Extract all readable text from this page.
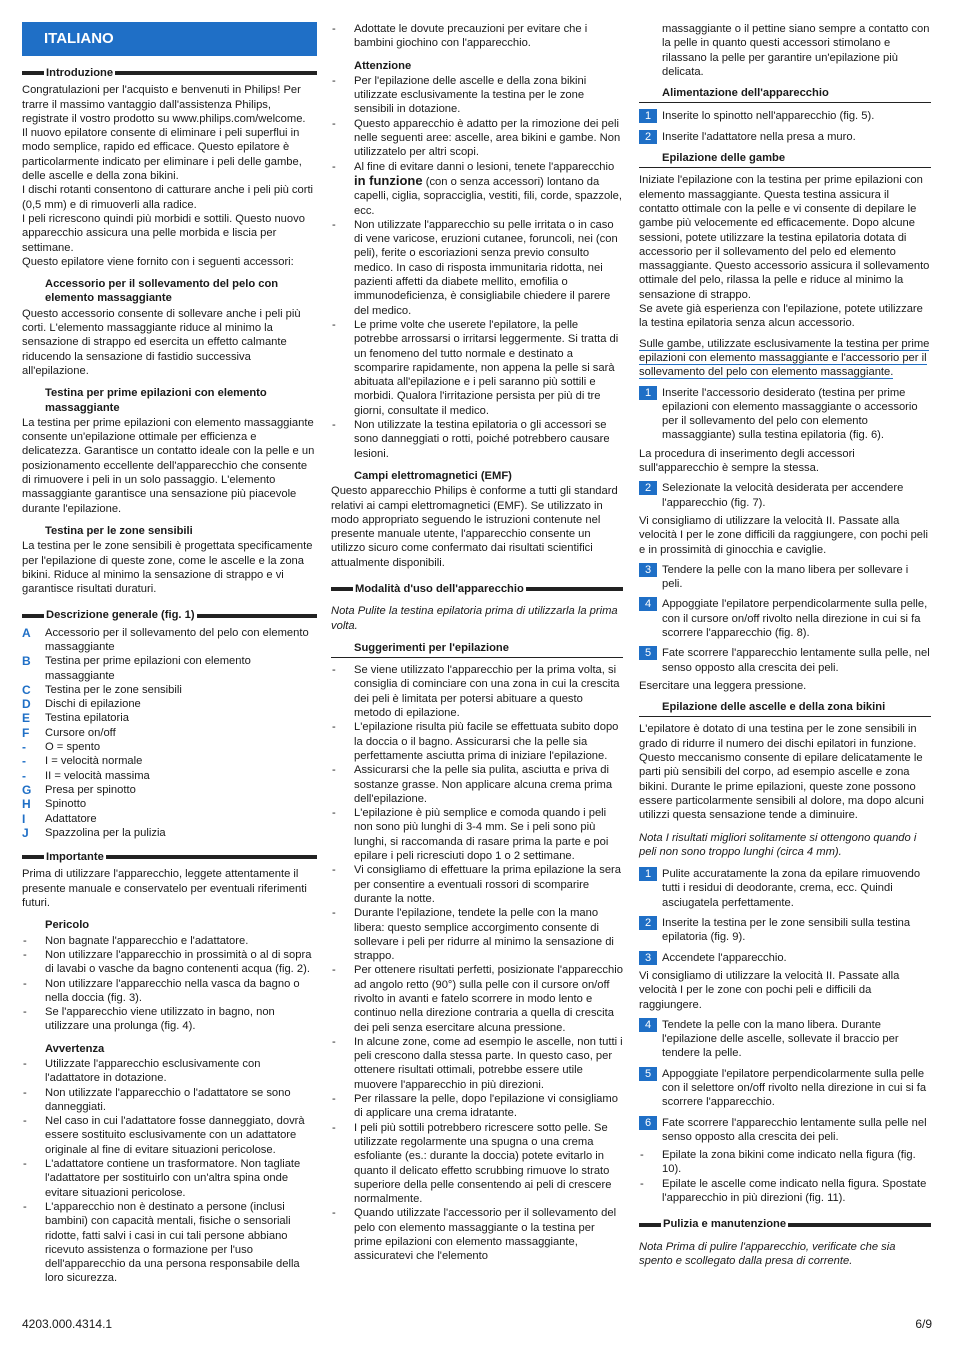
ITALIANO
Introduzione

Congratulazioni per l'acquisto e benvenuti in Philips! Per trarre il massimo vantaggio dall'assistenza Philips, registrate il vostro prodotto su www.philips.com/welcome.

Il nuovo epilatore consente di eliminare i peli superflui in modo semplice, rapido ed efficace. Questo epilatore è particolarmente indicato per eliminare i peli delle gambe, delle ascelle e della zona bikini.

I dischi rotanti consentono di catturare anche i peli più corti (0,5 mm) e di rimuoverli alla radice.

I peli ricrescono quindi più morbidi e sottili. Questo nuovo apparecchio assicura una pelle morbida e liscia per settimane.

Questo epilatore viene fornito con i seguenti accessori:

Accessorio per il sollevamento del pelo con elemento massaggiante

Questo accessorio consente di sollevare anche i peli più corti. L'elemento massaggiante riduce al minimo la sensazione di strappo ed esercita un effetto calmante riducendo la sensazione di fastidio successiva all'epilazione.

Testina per prime epilazioni con elemento massaggiante

La testina per prime epilazioni con elemento massaggiante consente un'epilazione ottimale per efficienza e delicatezza. Garantisce un contatto ideale con la pelle e un posizionamento eccellente dell'apparecchio che consente di rimuovere i peli in un solo passaggio. L'elemento massaggiante garantisce una sensazione più piacevole durante l'epilazione.

Testina per le zone sensibili

La testina per le zone sensibili è progettata specificamente per l'epilazione di queste zone, come le ascelle e la zona bikini. Riduce al minimo la sensazione di strappo e vi garantisce risultati duraturi.

Descrizione generale (fig. 1)
A Accessorio per il sollevamento del pelo con elemento massaggiante
B Testina per prime epilazioni con elemento massaggiante
C Testina per le zone sensibili
D Dischi di epilazione
E Testina epilatoria
F Cursore on/off
- O = spento
- I = velocità normale
- II = velocità massima
G Presa per spinotto
H Spinotto
I Adattatore
J Spazzolina per la pulizia
Importante

Prima di utilizzare l'apparecchio, leggete attentamente il presente manuale e conservatelo per eventuali riferimenti futuri.

Pericolo
- Non bagnate l'apparecchio e l'adattatore.
- Non utilizzare l'apparecchio in prossimità o al di sopra di lavabi o vasche da bagno contenenti acqua (fig. 2).
- Non utilizzare l'apparecchio nella vasca da bagno o nella doccia (fig. 3).
- Se l'apparecchio viene utilizzato in bagno, non utilizzare una prolunga (fig. 4).
Avvertenza
- Utilizzate l'apparecchio esclusivamente con l'adattatore in dotazione.
- Non utilizzate l'apparecchio o l'adattatore se sono danneggiati.
- Nel caso in cui l'adattatore fosse danneggiato, dovrà essere sostituito esclusivamente con un adattatore originale al fine di evitare situazioni pericolose.
- L'adattatore contiene un trasformatore. Non tagliate l'adattatore per sostituirlo con un'altra spina onde evitare situazioni pericolose.
- L'apparecchio non è destinato a persone (inclusi bambini) con capacità mentali, fisiche o sensoriali ridotte, fatti salvi i casi in cui tali persone abbiano ricevuto assistenza o formazione per l'uso dell'apparecchio da una persona responsabile della loro sicurezza.
- Adottate le dovute precauzioni per evitare che i bambini giochino con l'apparecchio.
Attenzione
- Per l'epilazione delle ascelle e della zona bikini utilizzate esclusivamente la testina per le zone sensibili in dotazione.
- Questo apparecchio è adatto per la rimozione dei peli nelle seguenti aree: ascelle, area bikini e gambe. Non utilizzatelo per altri scopi.
- Al fine di evitare danni o lesioni, tenete l'apparecchio in funzione (con o senza accessori) lontano da capelli, ciglia, sopracciglia, vestiti, fili, corde, spazzole, ecc.
- Non utilizzate l'apparecchio su pelle irritata o in caso di vene varicose, eruzioni cutanee, foruncoli, nei (con peli), ferite o escoriazioni senza previo consulto medico. In caso di risposta immunitaria ridotta, nei pazienti affetti da diabete mellito, emofilia o immunodeficienza, è consigliabile chiedere il parere del medico.
- Le prime volte che userete l'epilatore, la pelle potrebbe arrossarsi o irritarsi leggermente. Si tratta di un fenomeno del tutto normale e destinato a scomparire rapidamente, non appena la pelle si sarà abituata all'epilazione e i peli saranno più sottili e morbidi. Qualora l'irritazione persista per più di tre giorni, consultate il medico.
- Non utilizzate la testina epilatoria o gli accessori se sono danneggiati o rotti, poiché potrebbero causare lesioni.
Campi elettromagnetici (EMF)

Questo apparecchio Philips è conforme a tutti gli standard relativi ai campi elettromagnetici (EMF). Se utilizzato in modo appropriato seguendo le istruzioni contenute nel presente manuale utente, l'apparecchio consente un utilizzo sicuro come confermato dai risultati scientifici attualmente disponibili.

Modalità d'uso dell'apparecchio

Nota Pulite la testina epilatoria prima di utilizzarla la prima volta.

Suggerimenti per l'epilazione
- Se viene utilizzato l'apparecchio per la prima volta, si consiglia di cominciare con una zona in cui la crescita dei peli è limitata per potersi abituare a questo metodo di epilazione.
- L'epilazione risulta più facile se effettuata subito dopo la doccia o il bagno. Assicurarsi che la pelle sia perfettamente asciutta prima di iniziare l'epilazione.
- Assicurarsi che la pelle sia pulita, asciutta e priva di sostanze grasse. Non applicare alcuna crema prima dell'epilazione.
- L'epilazione è più semplice e comoda quando i peli non sono più lunghi di 3-4 mm. Se i peli sono più lunghi, si raccomanda di rasare prima la parte e poi epilare i peli ricresciuti dopo 1 o 2 settimane.
- Vi consigliamo di effettuare la prima epilazione la sera per consentire a eventuali rossori di scomparire durante la notte.
- Durante l'epilazione, tendete la pelle con la mano libera: questo semplice accorgimento consente di sollevare i peli per ridurre al minimo la sensazione di strappo.
- Per ottenere risultati perfetti, posizionate l'apparecchio ad angolo retto (90°) sulla pelle con il cursore on/off rivolto in avanti e fatelo scorrere in modo lento e continuo nella direzione contraria a quella di crescita dei peli senza esercitare alcuna pressione.
- In alcune zone, come ad esempio le ascelle, non tutti i peli crescono dalla stessa parte. In questo caso, per ottenere risultati ottimali, potrebbe essere utile muovere l'apparecchio in più direzioni.
- Per rilassare la pelle, dopo l'epilazione vi consigliamo di applicare una crema idratante.
- I peli più sottili potrebbero ricrescere sotto pelle. Se utilizzate regolarmente una spugna o una crema esfoliante (es.: durante la doccia) potete evitarlo in quanto il delicato effetto scrubbing rimuove lo strato superiore della pelle consentendo ai peli di crescere normalmente.
- Quando utilizzate l'accessorio per il sollevamento del pelo con elemento massaggiante o la testina per prime epilazioni con elemento massaggiante, assicuratevi che l'elemento

massaggiante o il pettine siano sempre a contatto con la pelle in quanto questi accessori stimolano e rilassano la pelle per garantire un'epilazione più delicata.

Alimentazione dell'apparecchio
1 Inserite lo spinotto nell'apparecchio (fig. 5).
2 Inserite l'adattatore nella presa a muro.
Epilazione delle gambe

Iniziate l'epilazione con la testina per prime epilazioni con elemento massaggiante. Questa testina assicura il contatto ottimale con la pelle e vi consente di depilare le gambe più velocemente ed efficacemente. Dopo alcune sessioni, potete utilizzare la testina epilatoria dotata di accessorio per il sollevamento del pelo ed elemento massaggiante. Questo accessorio assicura il sollevamento ottimale del pelo, rilassa la pelle e riduce al minimo la sensazione di strappo.

Se avete già esperienza con l'epilazione, potete utilizzare la testina epilatoria senza alcun accessorio.

Sulle gambe, utilizzate esclusivamente la testina per prime epilazioni con elemento massaggiante e l'accessorio per il sollevamento del pelo con elemento massaggiante.

1 Inserite l'accessorio desiderato (testina per prime epilazioni con elemento massaggiante o accessorio per il sollevamento del pelo con elemento massaggiante) sulla testina epilatoria (fig. 6).

La procedura di inserimento degli accessori sull'apparecchio è sempre la stessa.

2 Selezionate la velocità desiderata per accendere l'apparecchio (fig. 7).

Vi consigliamo di utilizzare la velocità II. Passate alla velocità I per le zone difficili da raggiungere, con pochi peli e in prossimità di ginocchia e caviglie.

3 Tendere la pelle con la mano libera per sollevare i peli.
4 Appoggiate l'epilatore perpendicolarmente sulla pelle, con il cursore on/off rivolto nella direzione in cui si fa scorrere l'apparecchio (fig. 8).
5 Fate scorrere l'apparecchio lentamente sulla pelle, nel senso opposto alla crescita dei peli.

Esercitare una leggera pressione.

Epilazione delle ascelle e della zona bikini

L'epilatore è dotato di una testina per le zone sensibili in grado di ridurre il numero dei dischi epilatori in funzione. Questo meccanismo consente di epilare delicatamente le parti più sensibili del corpo, ad esempio ascelle e zona bikini. Durante le prime epilazioni, queste zone possono essere particolarmente sensibili al dolore, ma dopo alcuni utilizzi questa sensazione tende a diminuire.

Nota I risultati migliori solitamente si ottengono quando i peli non sono troppo lunghi (circa 4 mm).

1 Pulite accuratamente la zona da epilare rimuovendo tutti i residui di deodorante, crema, ecc. Quindi asciugatela perfettamente.
2 Inserite la testina per le zone sensibili sulla testina epilatoria (fig. 9).
3 Accendete l'apparecchio.

Vi consigliamo di utilizzare la velocità II. Passate alla velocità I per le zone con pochi peli e difficili da raggiungere.

4 Tendete la pelle con la mano libera. Durante l'epilazione delle ascelle, sollevate il braccio per tendere la pelle.
5 Appoggiate l'epilatore perpendicolarmente sulla pelle con il selettore on/off rivolto nella direzione in cui si fa scorrere l'apparecchio.
6 Fate scorrere l'apparecchio lentamente sulla pelle nel senso opposto alla crescita dei peli.
- Epilate la zona bikini come indicato nella figura (fig. 10).
- Epilate le ascelle come indicato nella figura. Spostate l'apparecchio in più direzioni (fig. 11).
Pulizia e manutenzione

Nota Prima di pulire l'apparecchio, verificate che sia spento e scollegato dalla presa di corrente.

4203.000.4314.1	6/9
